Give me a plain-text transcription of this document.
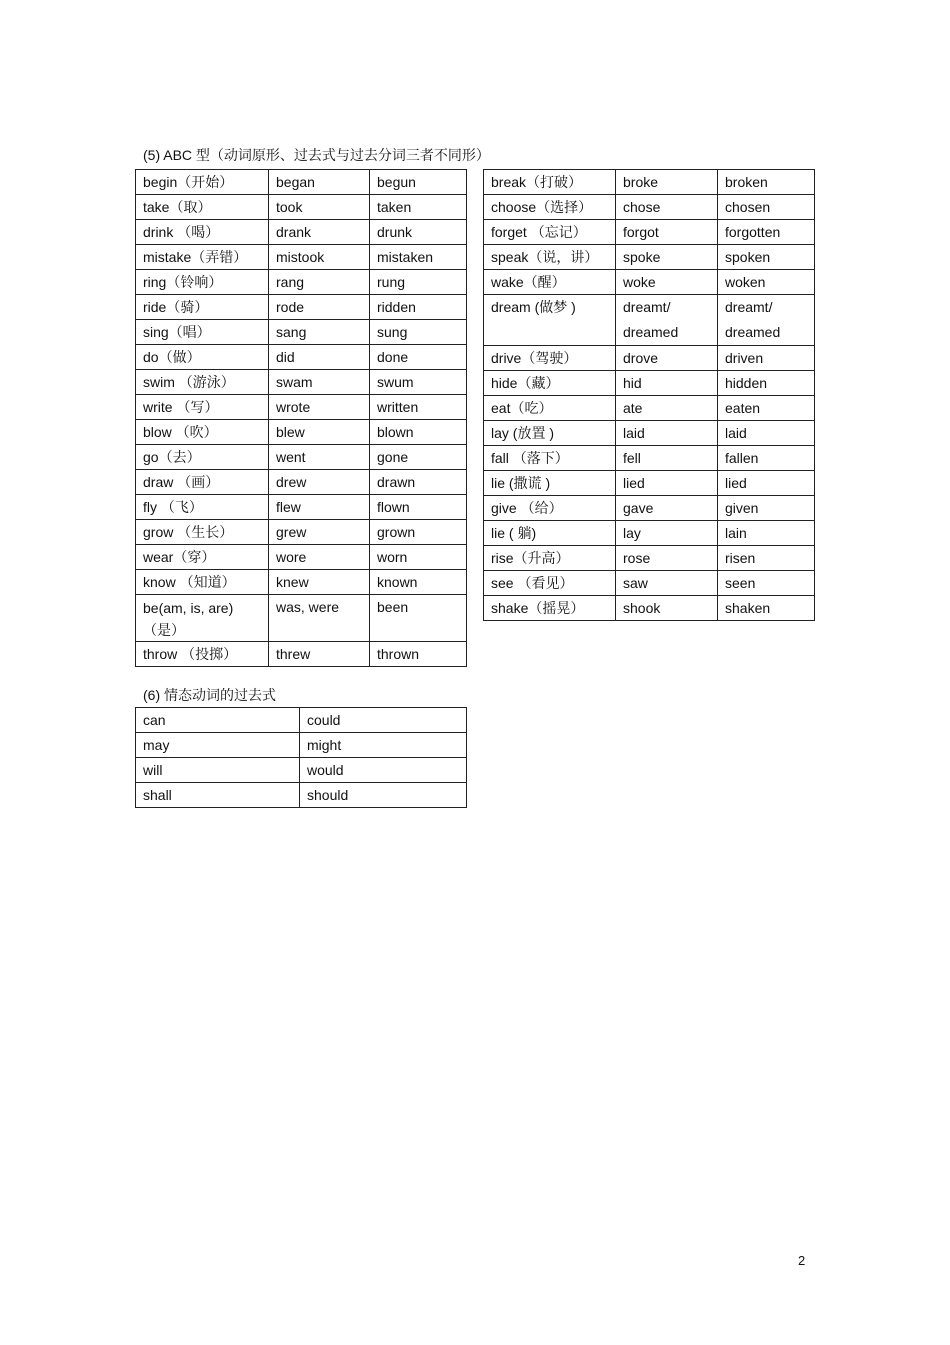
(5) ABC 型（动词原形、过去式与过去分词三者不同形）
begin（开始）	began	begun
take（取）	took	taken
drink （喝）	drank	drunk
mistake（弄错）	mistook	mistaken
ring（铃响）	rang	rung
ride（骑）	rode	ridden
sing（唱）	sang	sung
do（做）	did	done
swim （游泳）	swam	swum
write （写）	wrote	written
blow （吹）	blew	blown
go（去）	went	gone
draw （画）	drew	drawn
fly （飞）	flew	flown
grow （生长）	grew	grown
wear（穿）	wore	worn
know （知道）	knew	known
be(am, is, are)（是）	was, were	been
throw （投掷）	threw	thrown
break（打破）	broke	broken
choose（选择）	chose	chosen
forget （忘记）	forgot	forgotten
speak（说，讲）	spoke	spoken
wake（醒）	woke	woken
dream (做梦 )	dreamt/ dreamed	dreamt/ dreamed
drive（驾驶）	drove	driven
hide（藏）	hid	hidden
eat（吃）	ate	eaten
lay (放置 )	laid	laid
fall （落下）	fell	fallen
lie (撒谎 )	lied	lied
give （给）	gave	given
lie ( 躺)	lay	lain
rise（升高）	rose	risen
see （看见）	saw	seen
shake（摇晃）	shook	shaken
(6) 情态动词的过去式
can	could
may	might
will	would
shall	should
2
